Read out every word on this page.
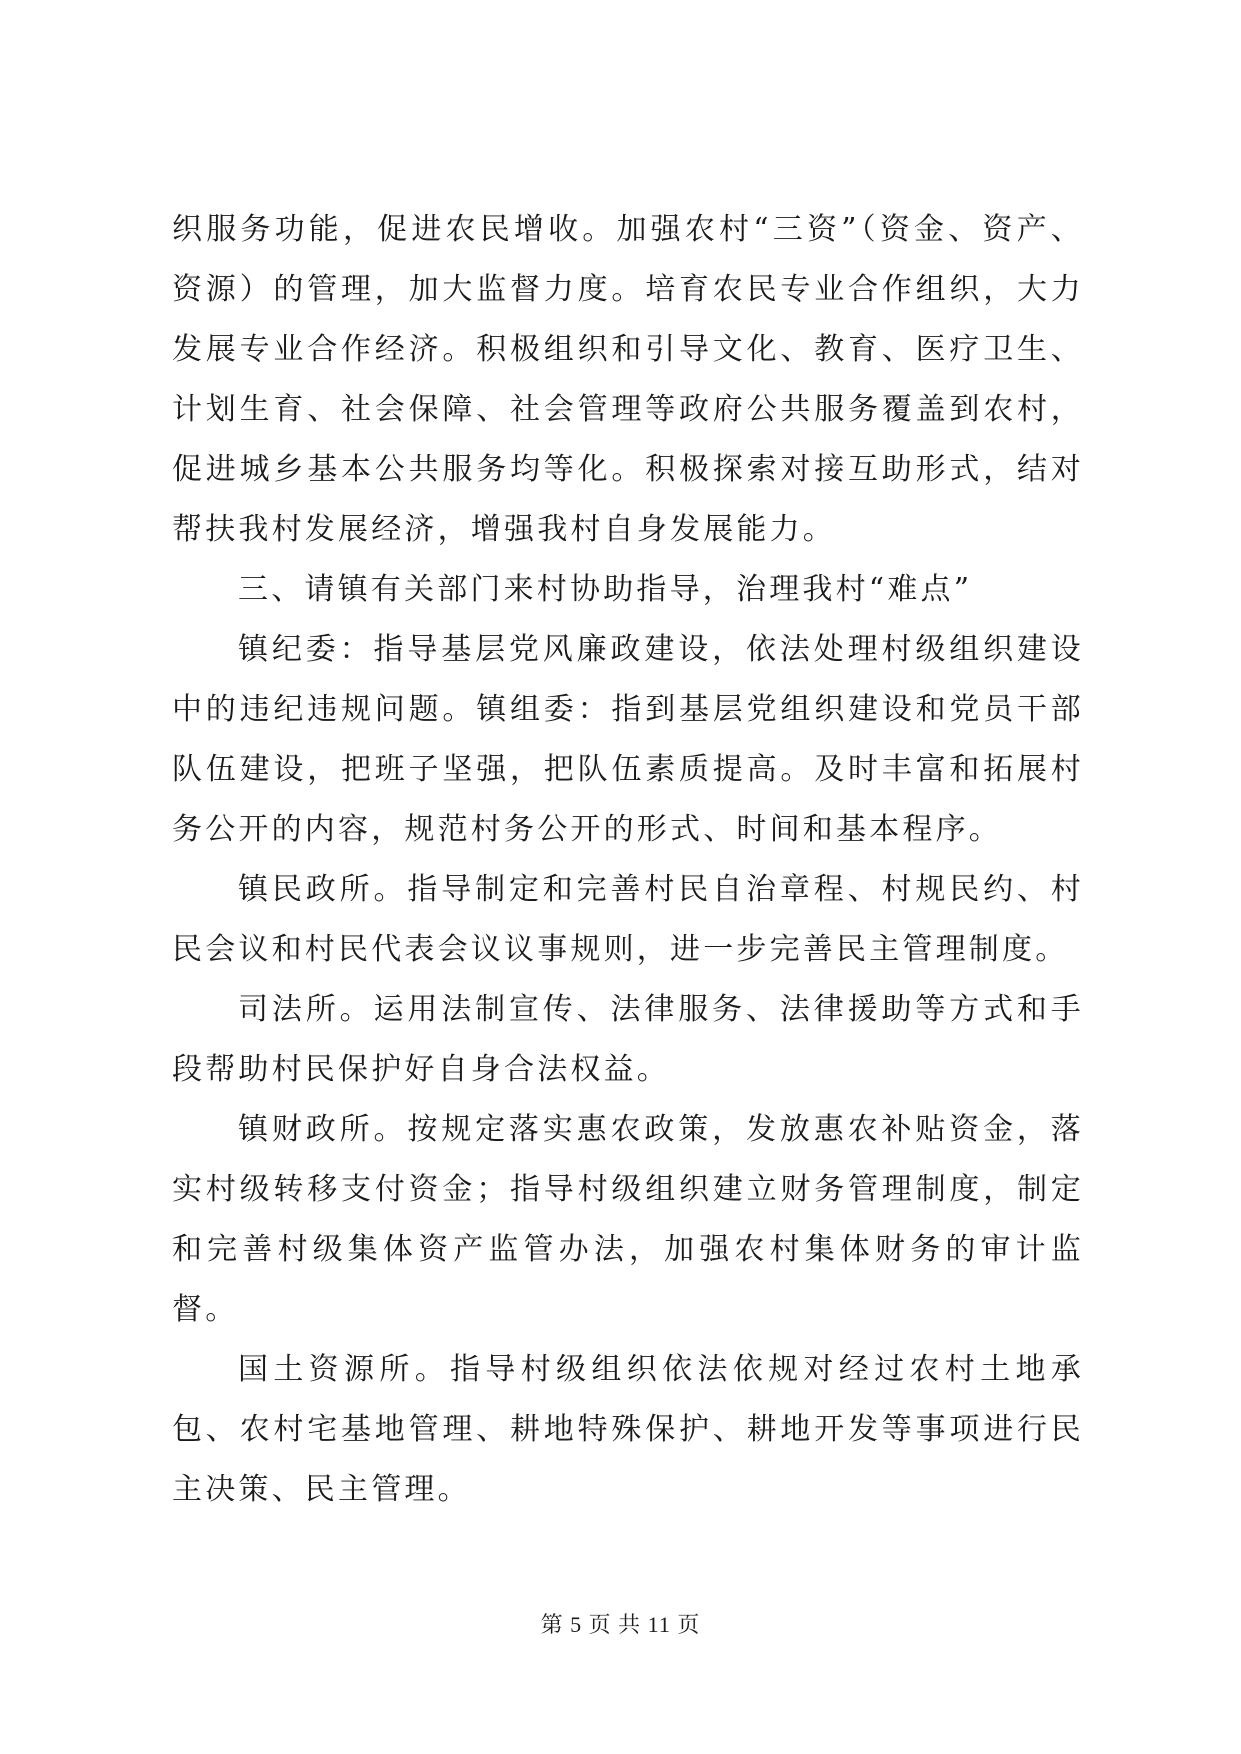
织服务功能，促进农民增收。加强农村“三资”（资金、资产、资源）的管理，加大监督力度。培育农民专业合作组织，大力发展专业合作经济。积极组织和引导文化、教育、医疗卫生、计划生育、社会保障、社会管理等政府公共服务覆盖到农村，促进城乡基本公共服务均等化。积极探索对接互助形式，结对帮扶我村发展经济，增强我村自身发展能力。

三、请镇有关部门来村协助指导，治理我村“难点”

镇纪委：指导基层党风廉政建设，依法处理村级组织建设中的违纪违规问题。镇组委：指到基层党组织建设和党员干部队伍建设，把班子坚强，把队伍素质提高。及时丰富和拓展村务公开的内容，规范村务公开的形式、时间和基本程序。

镇民政所。指导制定和完善村民自治章程、村规民约、村民会议和村民代表会议议事规则，进一步完善民主管理制度。

司法所。运用法制宣传、法律服务、法律援助等方式和手段帮助村民保护好自身合法权益。

镇财政所。按规定落实惠农政策，发放惠农补贴资金，落实村级转移支付资金；指导村级组织建立财务管理制度，制定和完善村级集体资产监管办法，加强农村集体财务的审计监督。

国土资源所。指导村级组织依法依规对经过农村土地承包、农村宅基地管理、耕地特殊保护、耕地开发等事项进行民主决策、民主管理。

第 5 页 共 11 页
